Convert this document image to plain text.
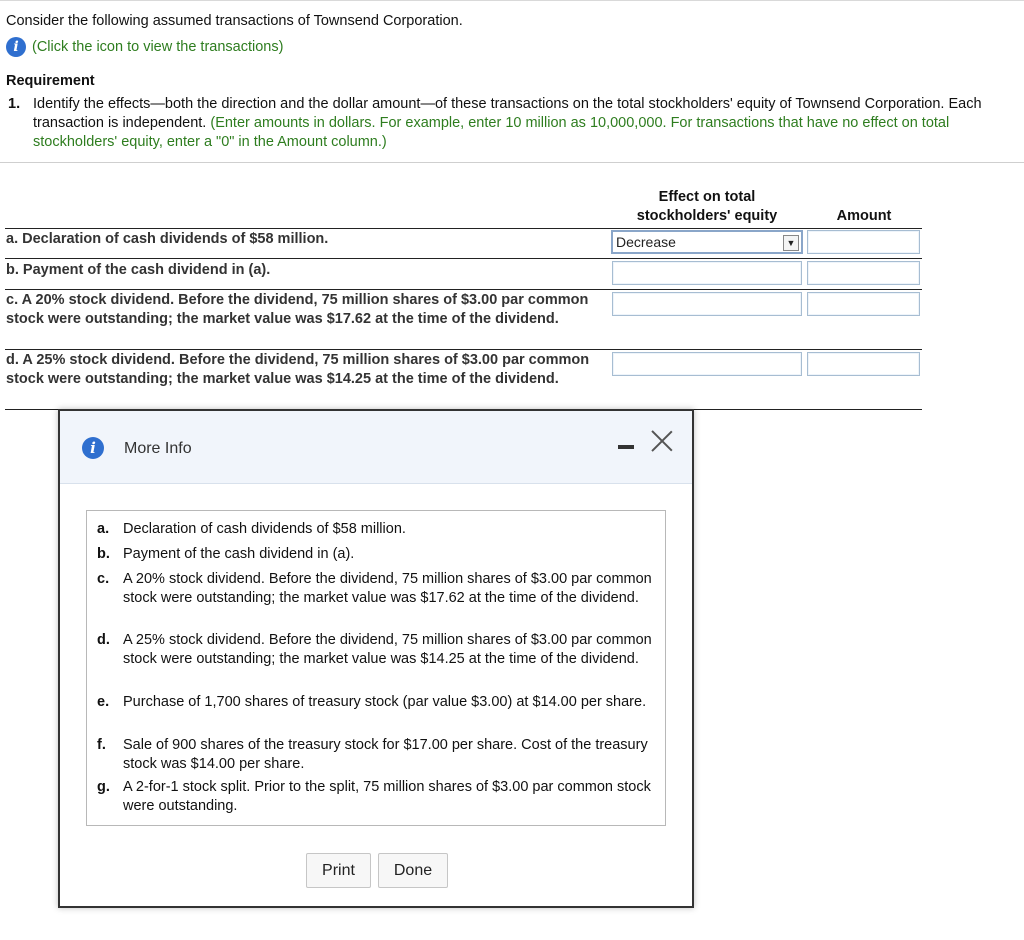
Consider the following assumed transactions of Townsend Corporation.
i (Click the icon to view the transactions)
Requirement
1. Identify the effects—both the direction and the dollar amount—of these transactions on the total stockholders' equity of Townsend Corporation. Each transaction is independent. (Enter amounts in dollars. For example, enter 10 million as 10,000,000. For transactions that have no effect on total stockholders' equity, enter a "0" in the Amount column.)
Effect on total
stockholders' equity	Amount
a. Declaration of cash dividends of $58 million.	Decrease	▼
b. Payment of the cash dividend in (a).
c. A 20% stock dividend. Before the dividend, 75 million shares of $3.00 par common stock were outstanding; the market value was $17.62 at the time of the dividend.
d. A 25% stock dividend. Before the dividend, 75 million shares of $3.00 par common stock were outstanding; the market value was $14.25 at the time of the dividend.
i	More Info
a. Declaration of cash dividends of $58 million.
b. Payment of the cash dividend in (a).
c. A 20% stock dividend. Before the dividend, 75 million shares of $3.00 par common stock were outstanding; the market value was $17.62 at the time of the dividend.
d. A 25% stock dividend. Before the dividend, 75 million shares of $3.00 par common stock were outstanding; the market value was $14.25 at the time of the dividend.
e. Purchase of 1,700 shares of treasury stock (par value $3.00) at $14.00 per share.
f. Sale of 900 shares of the treasury stock for $17.00 per share. Cost of the treasury stock was $14.00 per share.
g. A 2-for-1 stock split. Prior to the split, 75 million shares of $3.00 par common stock were outstanding.
Print	Done
